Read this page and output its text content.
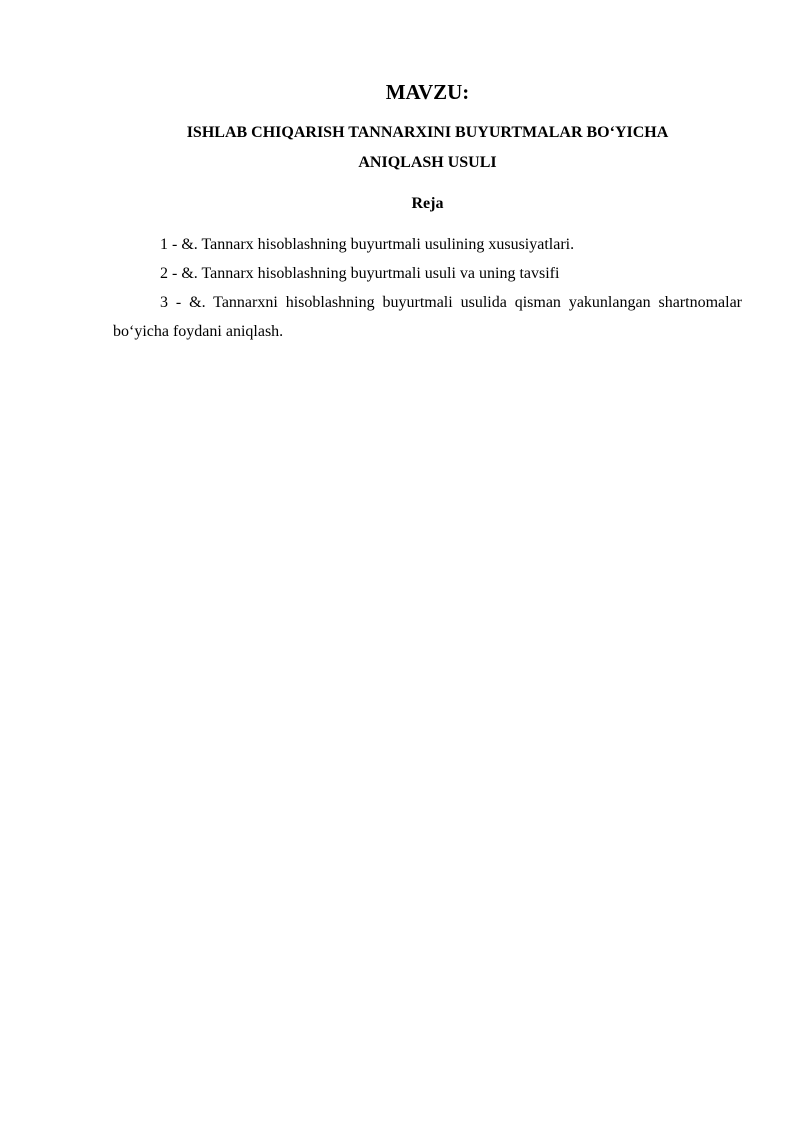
MAVZU:
ISHLAB CHIQARISH TANNARXINI BUYURTMALAR BO‘YICHA
ANIQLASH USULI
Reja
1 - &. Tannarx hisoblashning buyurtmali usulining xususiyatlari.
2 - &. Tannarx hisoblashning buyurtmali usuli va uning tavsifi
3 - &. Tannarxni hisoblashning buyurtmali usulida qisman yakunlangan shartnomalar bo‘yicha foydani aniqlash.
